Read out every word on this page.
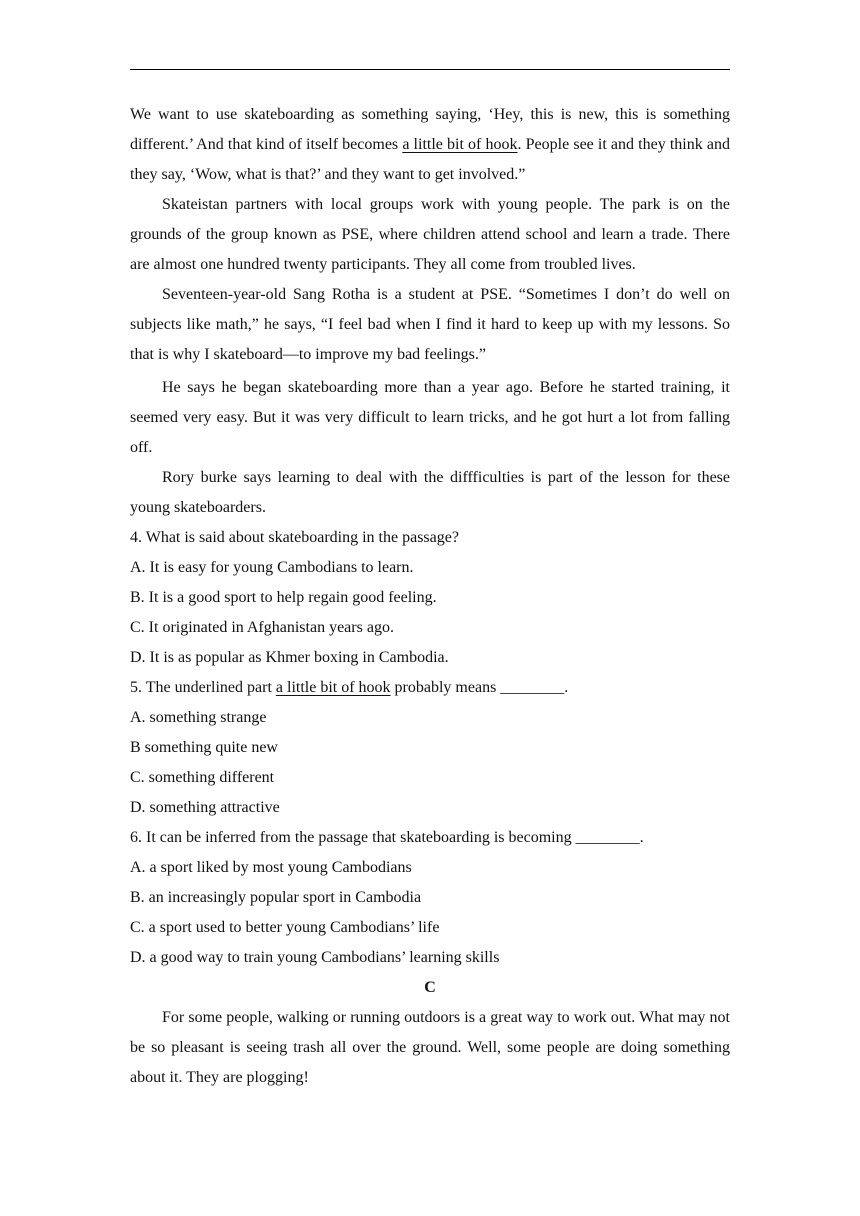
We want to use skateboarding as something saying, ‘Hey, this is new, this is something different.’ And that kind of itself becomes a little bit of hook. People see it and they think and they say, ‘Wow, what is that?’ and they want to get involved.”

Skateistan partners with local groups work with young people. The park is on the grounds of the group known as PSE, where children attend school and learn a trade. There are almost one hundred twenty participants. They all come from troubled lives.

Seventeen-year-old Sang Rotha is a student at PSE. “Sometimes I don’t do well on subjects like math,” he says, “I feel bad when I find it hard to keep up with my lessons. So that is why I skateboard—to improve my bad feelings.”

He says he began skateboarding more than a year ago. Before he started training, it seemed very easy. But it was very difficult to learn tricks, and he got hurt a lot from falling off.

Rory burke says learning to deal with the diffficulties is part of the lesson for these young skateboarders.

4. What is said about skateboarding in the passage?

A. It is easy for young Cambodians to learn.

B. It is a good sport to help regain good feeling.

C. It originated in Afghanistan years ago.

D. It is as popular as Khmer boxing in Cambodia.

5. The underlined part a little bit of hook probably means ________.

A. something strange

B something quite new

C. something different

D. something attractive

6. It can be inferred from the passage that skateboarding is becoming ________.

A. a sport liked by most young Cambodians

B. an increasingly popular sport in Cambodia

C. a sport used to better young Cambodians’ life

D. a good way to train young Cambodians’ learning skills

C

For some people, walking or running outdoors is a great way to work out. What may not be so pleasant is seeing trash all over the ground. Well, some people are doing something about it. They are plogging!
